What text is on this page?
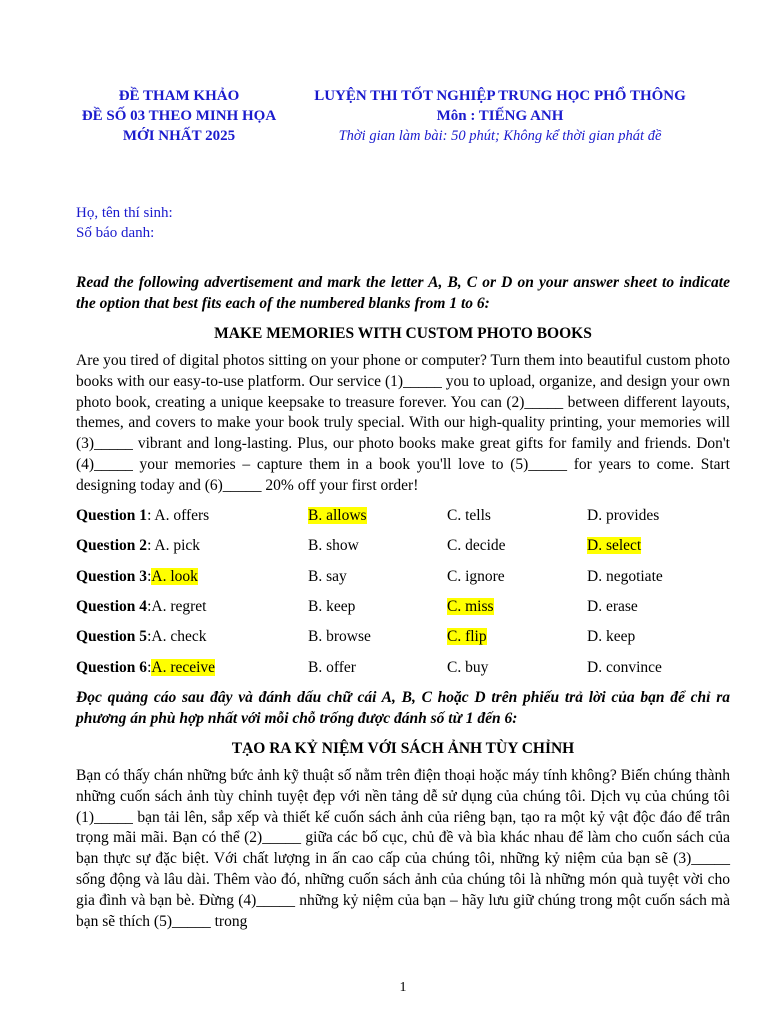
ĐỀ THAM KHẢO
ĐỀ SỐ 03 THEO MINH HỌA
MỚI NHẤT 2025
LUYỆN THI TỐT NGHIỆP TRUNG HỌC PHỔ THÔNG
Môn : TIẾNG ANH
Thời gian làm bài: 50 phút; Không kể thời gian phát đề
Họ, tên thí sinh:
Số báo danh:

Read the following advertisement and mark the letter A, B, C or D on your answer sheet to indicate the option that best fits each of the numbered blanks from 1 to 6:

MAKE MEMORIES WITH CUSTOM PHOTO BOOKS

Are you tired of digital photos sitting on your phone or computer? Turn them into beautiful custom photo books with our easy-to-use platform. Our service (1)_____ you to upload, organize, and design your own photo book, creating a unique keepsake to treasure forever. You can (2)_____ between different layouts, themes, and covers to make your book truly special. With our high-quality printing, your memories will (3)_____ vibrant and long-lasting. Plus, our photo books make great gifts for family and friends. Don't (4)_____ your memories – capture them in a book you'll love to (5)_____ for years to come. Start designing today and (6)_____ 20% off your first order!

Question 1: A. offers	B. allows	C. tells	D. provides
Question 2: A. pick	B. show	C. decide	D. select
Question 3:A. look	B. say	C. ignore	D. negotiate
Question 4:A. regret	B. keep	C. miss	D. erase
Question 5:A. check	B. browse	C. flip	D. keep
Question 6:A. receive	B. offer	C. buy	D. convince

Đọc quảng cáo sau đây và đánh dấu chữ cái A, B, C hoặc D trên phiếu trả lời của bạn để chỉ ra phương án phù hợp nhất với mỗi chỗ trống được đánh số từ 1 đến 6:

TẠO RA KỶ NIỆM VỚI SÁCH ẢNH TÙY CHỈNH

Bạn có thấy chán những bức ảnh kỹ thuật số nằm trên điện thoại hoặc máy tính không? Biến chúng thành những cuốn sách ảnh tùy chỉnh tuyệt đẹp với nền tảng dễ sử dụng của chúng tôi. Dịch vụ của chúng tôi (1)_____ bạn tải lên, sắp xếp và thiết kế cuốn sách ảnh của riêng bạn, tạo ra một kỷ vật độc đáo để trân trọng mãi mãi. Bạn có thể (2)_____ giữa các bố cục, chủ đề và bìa khác nhau để làm cho cuốn sách của bạn thực sự đặc biệt. Với chất lượng in ấn cao cấp của chúng tôi, những kỷ niệm của bạn sẽ (3)_____ sống động và lâu dài. Thêm vào đó, những cuốn sách ảnh của chúng tôi là những món quà tuyệt vời cho gia đình và bạn bè. Đừng (4)_____ những kỷ niệm của bạn – hãy lưu giữ chúng trong một cuốn sách mà bạn sẽ thích (5)_____ trong

1
